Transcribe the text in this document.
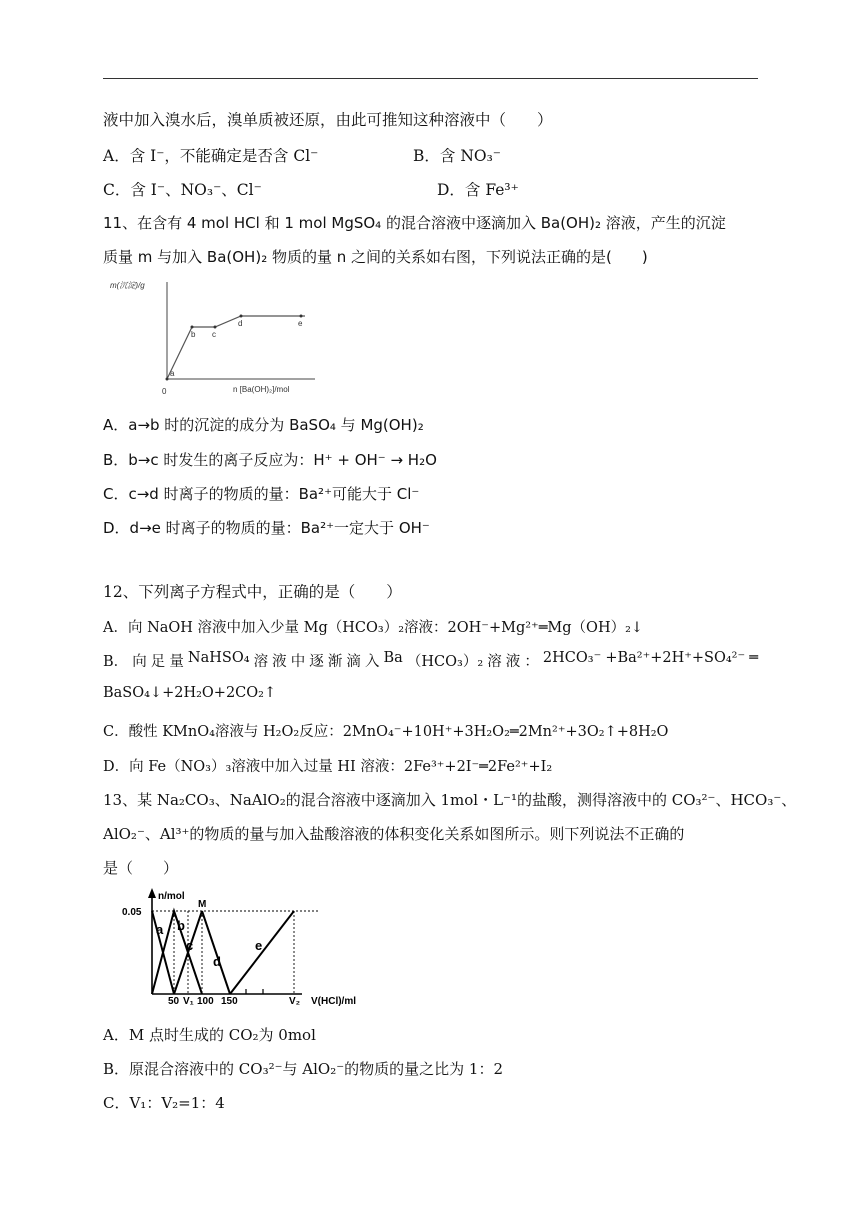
液中加入溴水后，溴单质被还原，由此可推知这种溶液中（　　）
A．含 I⁻，不能确定是否含 Cl⁻	B．含 NO₃⁻
C．含 I⁻、NO₃⁻、Cl⁻	D．含 Fe³⁺
11、在含有 4 mol HCl 和 1 mol MgSO₄ 的混合溶液中逐滴加入 Ba(OH)₂ 溶液，产生的沉淀
质量 m 与加入 Ba(OH)₂ 物质的量 n 之间的关系如右图，下列说法正确的是(　　)
m(沉淀)/g
n [Ba(OH)₂]/mol
0
a
b c
d	e
A．a→b 时的沉淀的成分为 BaSO₄ 与 Mg(OH)₂
B．b→c 时发生的离子反应为：H⁺ + OH⁻ → H₂O
C．c→d 时离子的物质的量：Ba²⁺可能大于 Cl⁻
D．d→e 时离子的物质的量：Ba²⁺一定大于 OH⁻
12、下列离子方程式中，正确的是（　　）
A．向 NaOH 溶液中加入少量 Mg（HCO₃）₂溶液：2OH⁻+Mg²⁺═Mg（OH）₂↓
B． 向 足 量 NaHSO₄ 溶 液 中 逐 渐 滴 入 Ba （HCO₃）₂ 溶 液 ： 2HCO₃⁻ +Ba²⁺+2H⁺+SO₄²⁻ ═
BaSO₄↓+2H₂O+2CO₂↑
C．酸性 KMnO₄溶液与 H₂O₂反应：2MnO₄⁻+10H⁺+3H₂O₂═2Mn²⁺+3O₂↑+8H₂O
D．向 Fe（NO₃）₃溶液中加入过量 HI 溶液：2Fe³⁺+2I⁻═2Fe²⁺+I₂
13、某 Na₂CO₃、NaAlO₂的混合溶液中逐滴加入 1mol・L⁻¹的盐酸，测得溶液中的 CO₃²⁻、HCO₃⁻、
AlO₂⁻、Al³⁺的物质的量与加入盐酸溶液的体积变化关系如图所示。则下列说法不正确的
是（　　）
n/mol
V(HCl)/ml
0.05
a b
c
d
e
M
50 V₁ 100 150	V₂
A．M 点时生成的 CO₂为 0mol
B．原混合溶液中的 CO₃²⁻与 AlO₂⁻的物质的量之比为 1：2
C．V₁：V₂=1：4
